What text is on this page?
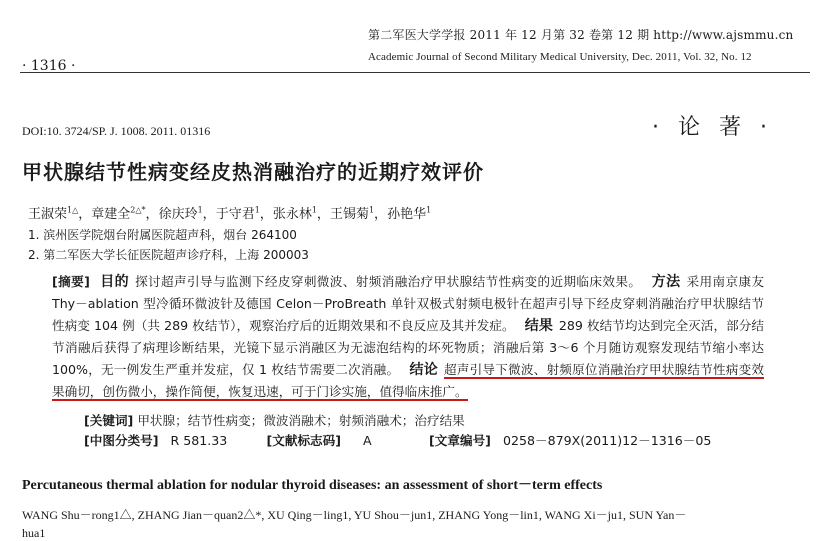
· 1316 ·
第二军医大学学报 2011 年 12 月第 32 卷第 12 期 http://www.ajsmmu.cn
Academic Journal of Second Military Medical University, Dec. 2011, Vol. 32, No. 12
DOI:10. 3724/SP. J. 1008. 2011. 01316	· 论 著 ·
甲状腺结节性病变经皮热消融治疗的近期疗效评价
王淑荣$^{1\triangle}$，章建全$^{2\triangle*}$，徐庆玲$^1$，于守君$^1$，张永林$^1$，王锡菊$^1$，孙艳华$^1$
1. 滨州医学院烟台附属医院超声科，烟台 264100
2. 第二军医大学长征医院超声诊疗科，上海 200003
[摘要] 目的 探讨超声引导与监测下经皮穿刺微波、射频消融治疗甲状腺结节性病变的近期临床效果。 方法 采用南京康友 Thy－ablation 型冷循环微波针及德国 Celon－ProBreath 单针双极式射频电极针在超声引导下经皮穿刺消融治疗甲状腺结节性病变 104 例（共 289 枚结节），观察治疗后的近期效果和不良反应及其并发症。 结果 289 枚结节均达到完全灭活，部分结节消融后获得了病理诊断结果，光镜下显示消融区为无滤泡结构的坏死物质；消融后第 3～6 个月随访观察发现结节缩小率达 100%，无一例发生严重并发症，仅 1 枚结节需要二次消融。 结论 超声引导下微波、射频原位消融治疗甲状腺结节性病变效果确切，创伤微小，操作简便，恢复迅速，可于门诊实施，值得临床推广。
[关键词] 甲状腺；结节性病变；微波消融术；射频消融术；治疗结果
[中图分类号] R 581.33	[文献标志码] A	[文章编号] 0258－879X(2011)12－1316－05
Percutaneous thermal ablation for nodular thyroid diseases: an assessment of short－term effects
WANG Shu－rong1△, ZHANG Jian－quan2△*, XU Qing－ling1, YU Shou－jun1, ZHANG Yong－lin1, WANG Xi－ju1, SUN Yan－
hua1
